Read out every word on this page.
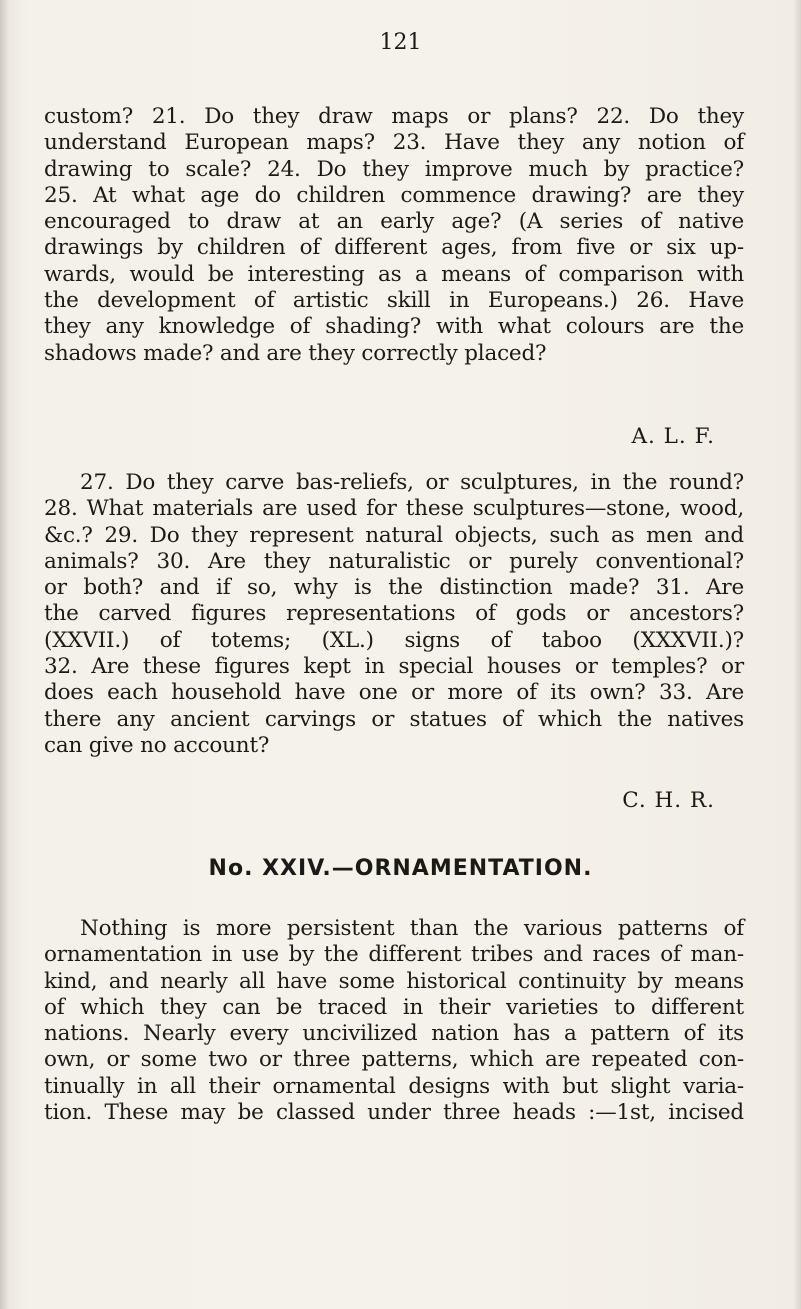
121

custom? 21. Do they draw maps or plans? 22. Do they
understand European maps? 23. Have they any notion of
drawing to scale? 24. Do they improve much by practice?
25. At what age do children commence drawing? are they
encouraged to draw at an early age? (A series of native
drawings by children of different ages, from five or six up-
wards, would be interesting as a means of comparison with
the development of artistic skill in Europeans.) 26. Have
they any knowledge of shading? with what colours are the
shadows made? and are they correctly placed?

A. L. F.

27. Do they carve bas-reliefs, or sculptures, in the round?
28. What materials are used for these sculptures—stone, wood,
&c.? 29. Do they represent natural objects, such as men and
animals? 30. Are they naturalistic or purely conventional?
or both? and if so, why is the distinction made? 31. Are
the carved figures representations of gods or ancestors?
(XXVII.) of totems; (XL.) signs of taboo (XXXVII.)?
32. Are these figures kept in special houses or temples? or
does each household have one or more of its own? 33. Are
there any ancient carvings or statues of which the natives
can give no account?

C. H. R.
No. XXIV.—ORNAMENTATION.

Nothing is more persistent than the various patterns of
ornamentation in use by the different tribes and races of man-
kind, and nearly all have some historical continuity by means
of which they can be traced in their varieties to different
nations. Nearly every uncivilized nation has a pattern of its
own, or some two or three patterns, which are repeated con-
tinually in all their ornamental designs with but slight varia-
tion. These may be classed under three heads :—1st, incised
